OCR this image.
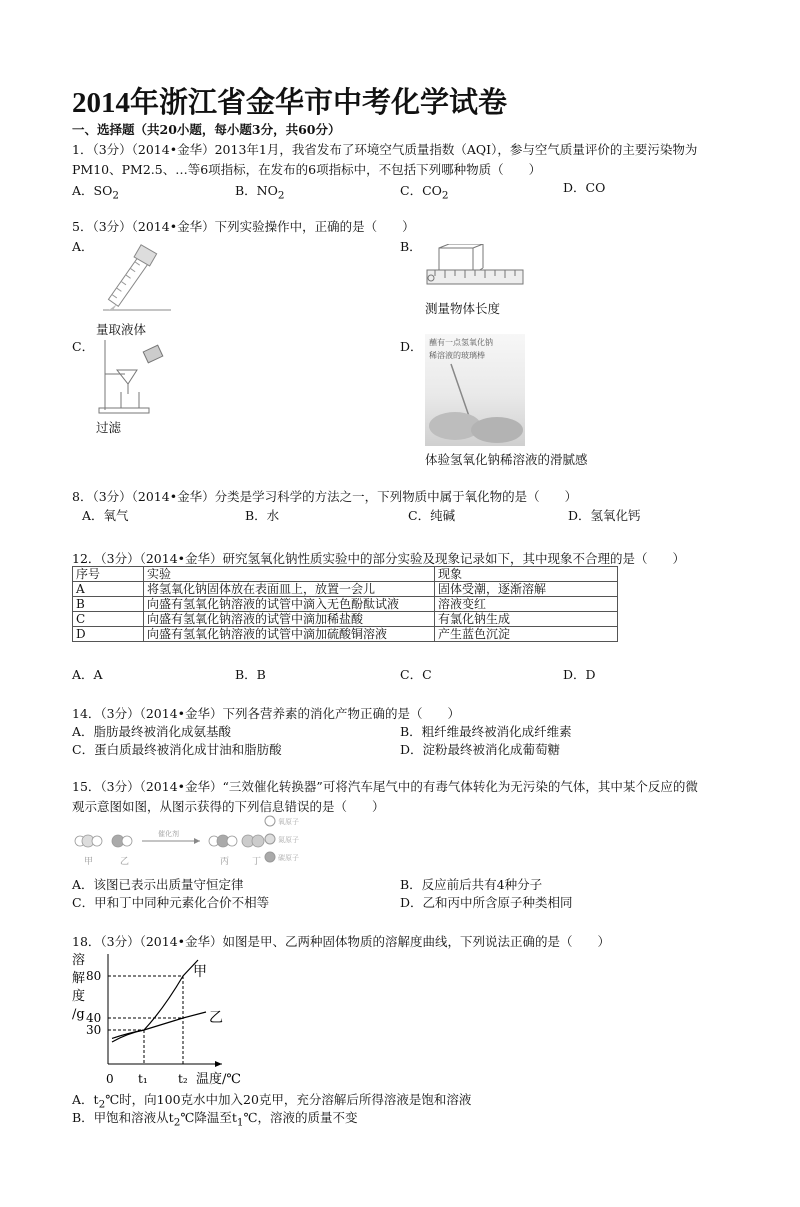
2014年浙江省金华市中考化学试卷
一、选择题（共20小题，每小题3分，共60分）
1．（3分）（2014•金华）2013年1月，我省发布了环境空气质量指数（AQI），参与空气质量评价的主要污染物为
PM10、PM2.5、…等6项指标，在发布的6项指标中，不包括下列哪种物质（　　）
A．$SO_2$	B．$NO_2$	C．$CO_2$
D．CO
5．（3分）（2014•金华）下列实验操作中，正确的是（　　）
A．
量取液体
B．
测量物体长度
C．
过滤
D． 蘸有一点氢氧化钠
稀溶液的玻璃棒
体验氢氧化钠稀溶液的滑腻感
8．（3分）（2014•金华）分类是学习科学的方法之一，下列物质中属于氧化物的是（　　）
A．氧气	B．水	C．纯碱	D．氢氧化钙
12．（3分）（2014•金华）研究氢氧化钠性质实验中的部分实验及现象记录如下，其中现象不合理的是（　　）
序号	实验	现象
A	将氢氧化钠固体放在表面皿上，放置一会儿	固体受潮，逐渐溶解
B	向盛有氢氧化钠溶液的试管中滴入无色酚酞试液	溶液变红
C	向盛有氢氧化钠溶液的试管中滴加稀盐酸	有氯化钠生成
D	向盛有氢氧化钠溶液的试管中滴加硫酸铜溶液	产生蓝色沉淀
A．A	B．B	C．C	D．D
14．（3分）（2014•金华）下列各营养素的消化产物正确的是（　　）
A．脂肪最终被消化成氨基酸	B．粗纤维最终被消化成纤维素
C．蛋白质最终被消化成甘油和脂肪酸	D．淀粉最终被消化成葡萄糖
15．（3分）（2014•金华）“三效催化转换器”可将汽车尾气中的有毒气体转化为无污染的气体，其中某个反应的微
观示意图如图，从图示获得的下列信息错误的是（　　）
催化剂
甲	乙	丙	丁
氧原子
氮原子
碳原子
A．该图已表示出质量守恒定律	B．反应前后共有4种分子
C．甲和丁中同种元素化合价不相等	D．乙和丙中所含原子种类相同
18．（3分）（2014•金华）如图是甲、乙两种固体物质的溶解度曲线，下列说法正确的是（　　）
溶
解
度
/g
30
40
80
0 t₁	t₂ 温度/℃
甲
乙
A．$t_2℃$时，向100克水中加入20克甲，充分溶解后所得溶液是饱和溶液
B．甲饱和溶液从$t_2℃$降温至$t_1℃$，溶液的质量不变
